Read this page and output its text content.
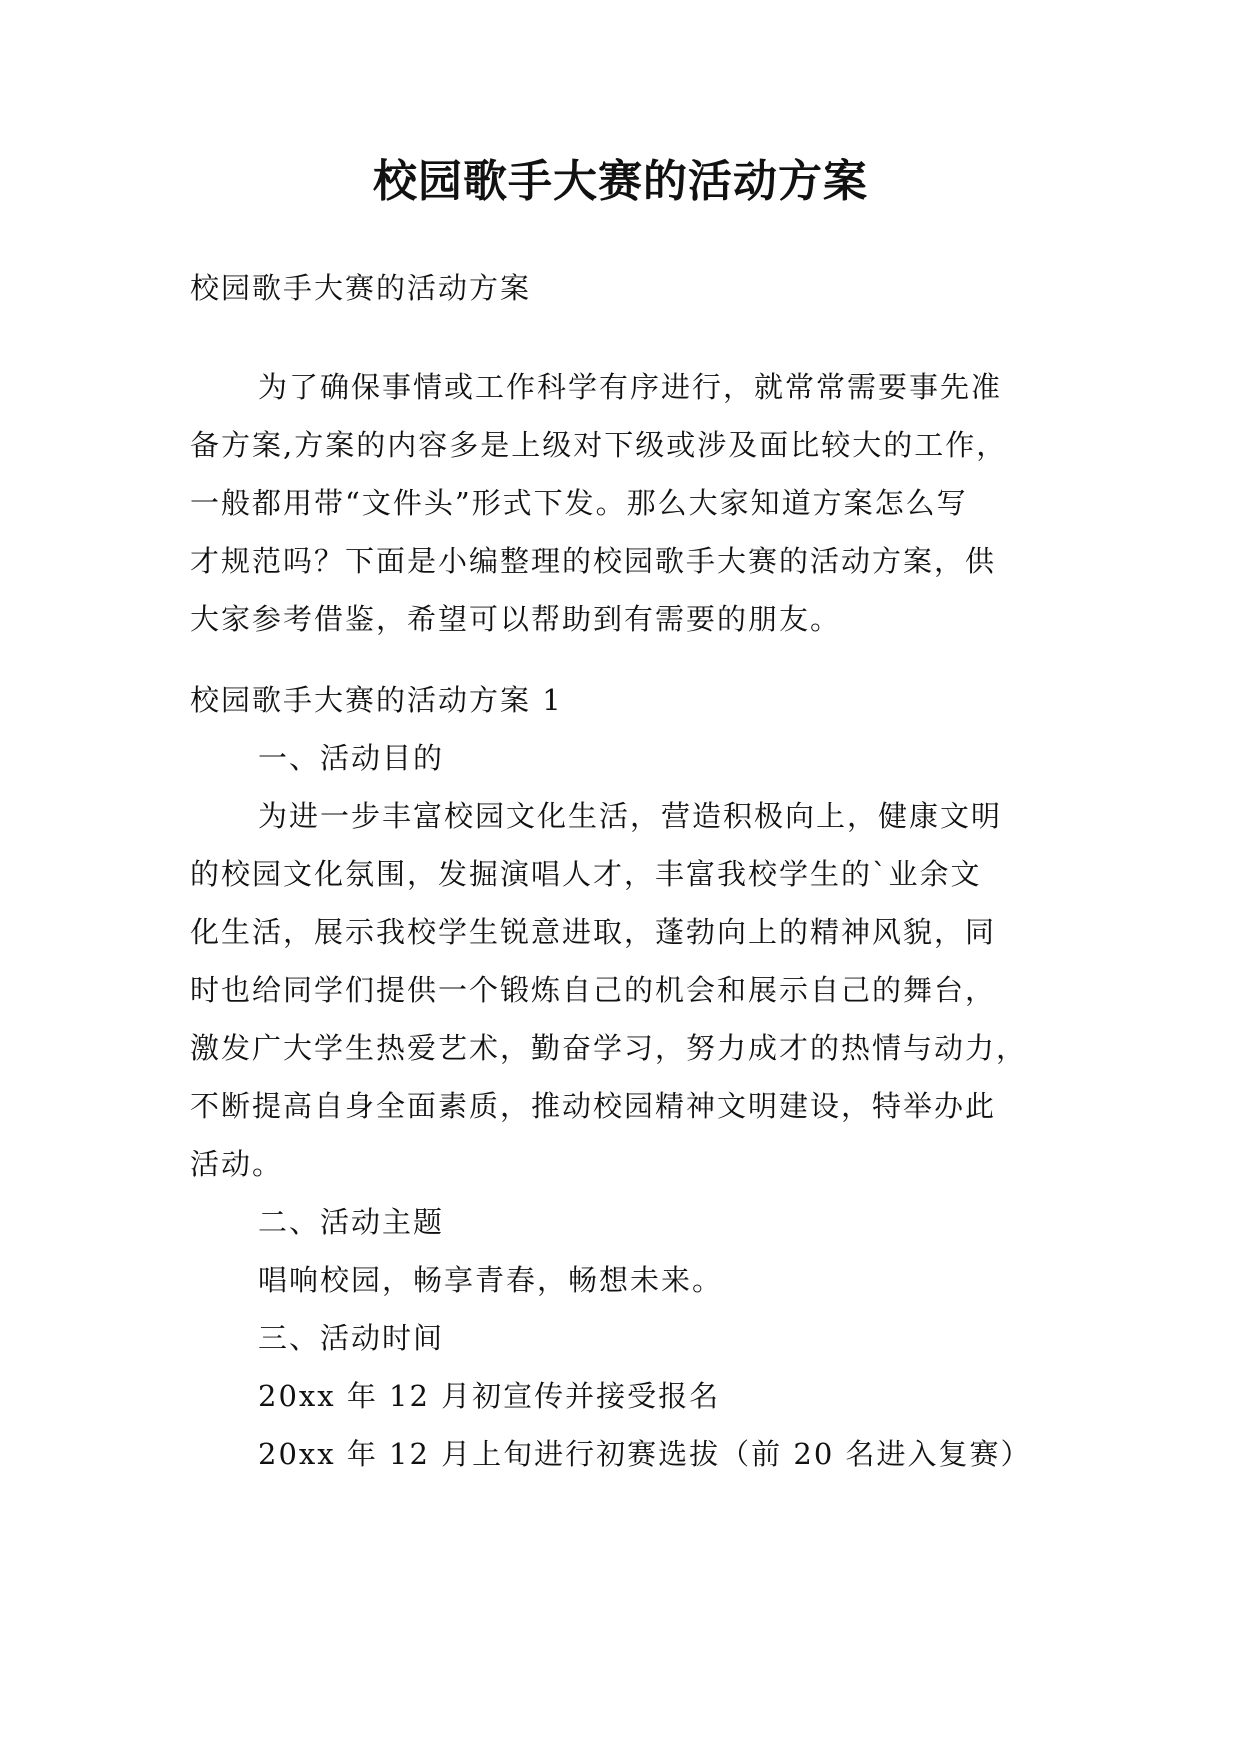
校园歌手大赛的活动方案
校园歌手大赛的活动方案
为了确保事情或工作科学有序进行，就常常需要事先准
备方案,方案的内容多是上级对下级或涉及面比较大的工作，
一般都用带“文件头”形式下发。那么大家知道方案怎么写
才规范吗？下面是小编整理的校园歌手大赛的活动方案，供
大家参考借鉴，希望可以帮助到有需要的朋友。
校园歌手大赛的活动方案 1
一、活动目的
为进一步丰富校园文化生活，营造积极向上，健康文明
的校园文化氛围，发掘演唱人才，丰富我校学生的`业余文
化生活，展示我校学生锐意进取，蓬勃向上的精神风貌，同
时也给同学们提供一个锻炼自己的机会和展示自己的舞台，
激发广大学生热爱艺术，勤奋学习，努力成才的热情与动力，
不断提高自身全面素质，推动校园精神文明建设，特举办此
活动。
二、活动主题
唱响校园，畅享青春，畅想未来。
三、活动时间
20xx 年 12 月初宣传并接受报名
20xx 年 12 月上旬进行初赛选拔（前 20 名进入复赛）
